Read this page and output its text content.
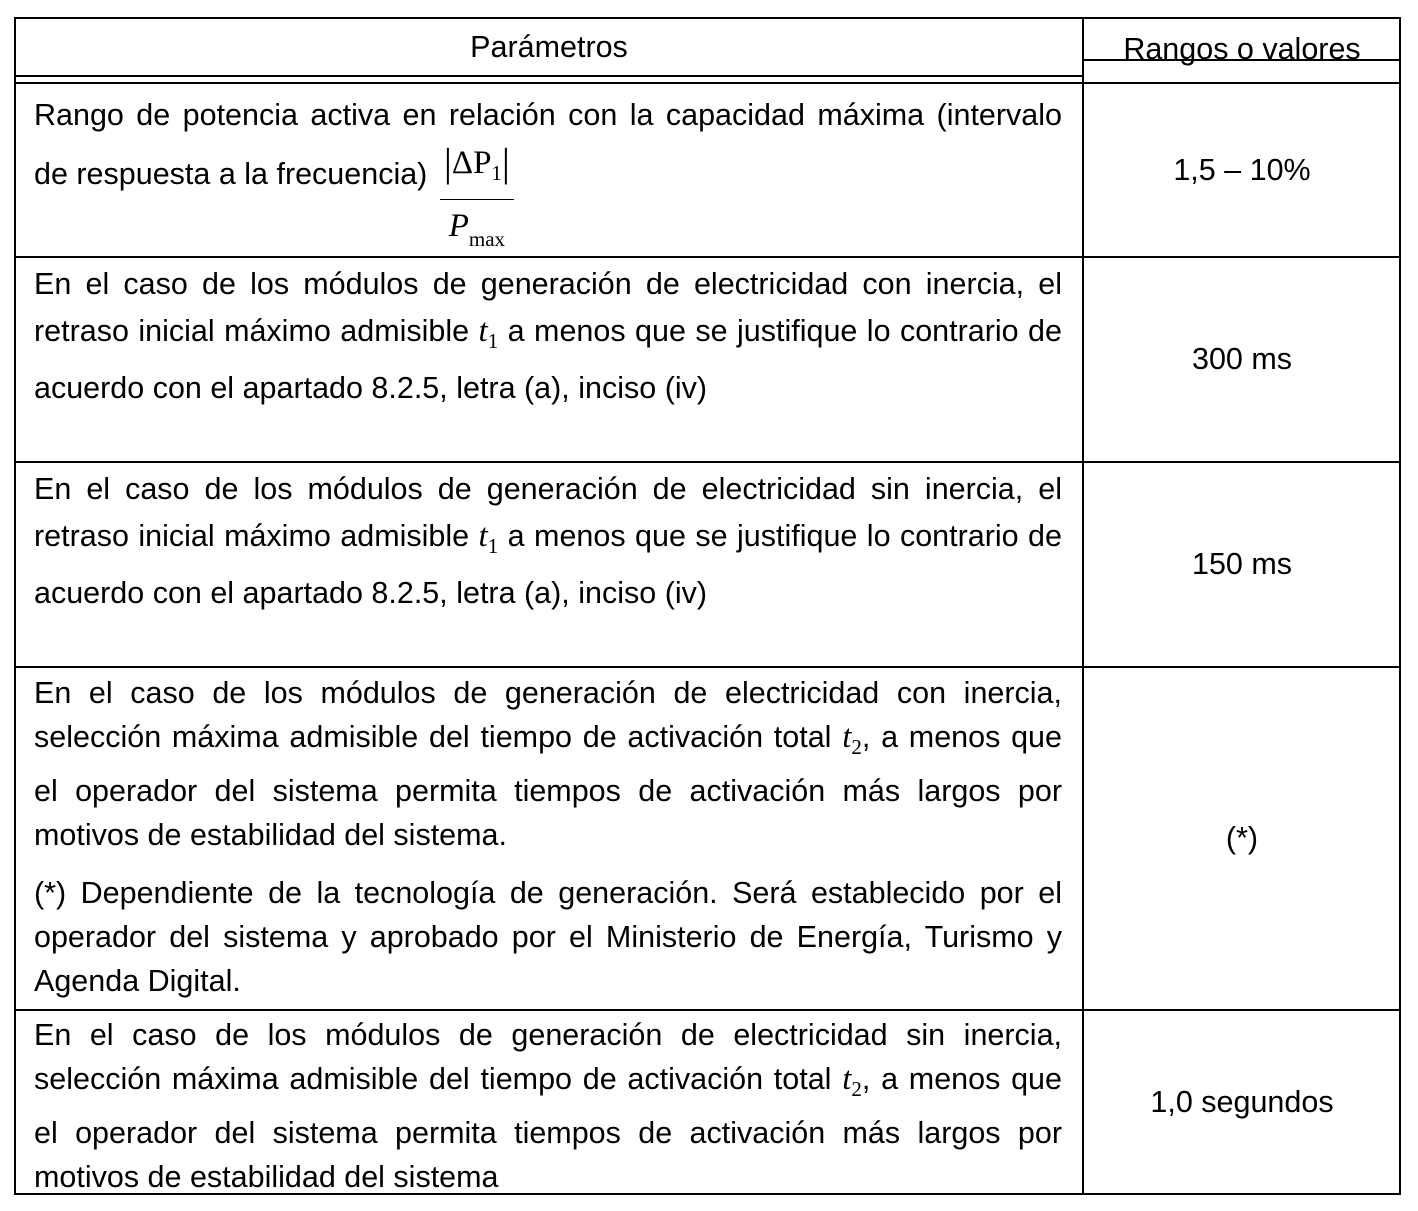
Parámetros	Rangos o valores
Rango de potencia activa en relación con la capacidad máxima (intervalo de respuesta a la frecuencia) $\frac{|\Delta P_1|}{P_{max}}$	1,5 – 10%
En el caso de los módulos de generación de electricidad con inercia, el retraso inicial máximo admisible $t_1$ a menos que se justifique lo contrario de acuerdo con el apartado 8.2.5, letra (a), inciso (iv)
300 ms
En el caso de los módulos de generación de electricidad sin inercia, el retraso inicial máximo admisible $t_1$ a menos que se justifique lo contrario de acuerdo con el apartado 8.2.5, letra (a), inciso (iv)
150 ms
En el caso de los módulos de generación de electricidad con inercia, selección máxima admisible del tiempo de activación total $t_2$, a menos que el operador del sistema permita tiempos de activación más largos por motivos de estabilidad del sistema.

(*) Dependiente de la tecnología de generación. Será establecido por el operador del sistema y aprobado por el Ministerio de Energía, Turismo y Agenda Digital.

(*)
En el caso de los módulos de generación de electricidad sin inercia, selección máxima admisible del tiempo de activación total $t_2$, a menos que el operador del sistema permita tiempos de activación más largos por motivos de estabilidad del sistema
1,0 segundos
